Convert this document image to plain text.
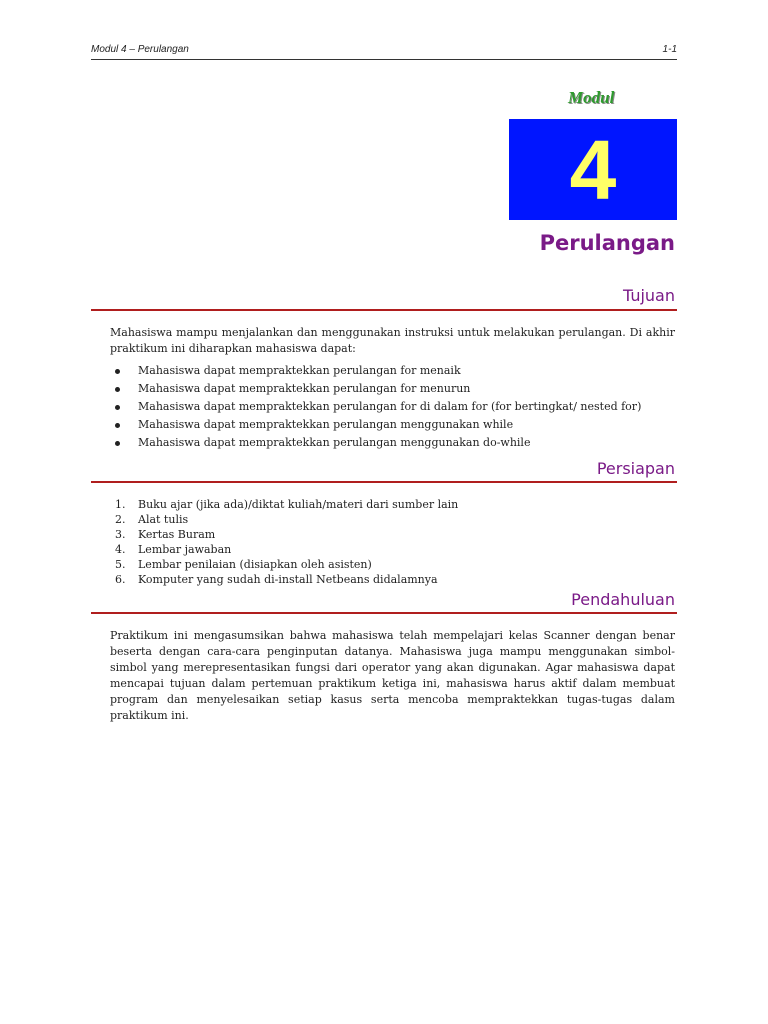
Modul 4 – Perulangan	1-1
Modul
4
Perulangan
Tujuan
Mahasiswa mampu menjalankan dan menggunakan instruksi untuk melakukan perulangan. Di akhir praktikum ini diharapkan mahasiswa dapat:
Mahasiswa dapat mempraktekkan perulangan for menaik
Mahasiswa dapat mempraktekkan perulangan for menurun
Mahasiswa dapat mempraktekkan perulangan for di dalam for (for bertingkat/ nested for)
Mahasiswa dapat mempraktekkan perulangan menggunakan while
Mahasiswa dapat mempraktekkan perulangan menggunakan do-while
Persiapan
1. Buku ajar (jika ada)/diktat kuliah/materi dari sumber lain
2. Alat tulis
3. Kertas Buram
4. Lembar jawaban
5. Lembar penilaian (disiapkan oleh asisten)
6. Komputer yang sudah di-install Netbeans didalamnya
Pendahuluan
Praktikum ini mengasumsikan bahwa mahasiswa telah mempelajari kelas Scanner dengan benar beserta dengan cara-cara penginputan datanya. Mahasiswa juga mampu menggunakan simbol-simbol yang merepresentasikan fungsi dari operator yang akan digunakan. Agar mahasiswa dapat mencapai tujuan dalam pertemuan praktikum ketiga ini, mahasiswa harus aktif dalam membuat program dan menyelesaikan setiap kasus serta mencoba mempraktekkan tugas-tugas dalam praktikum ini.
